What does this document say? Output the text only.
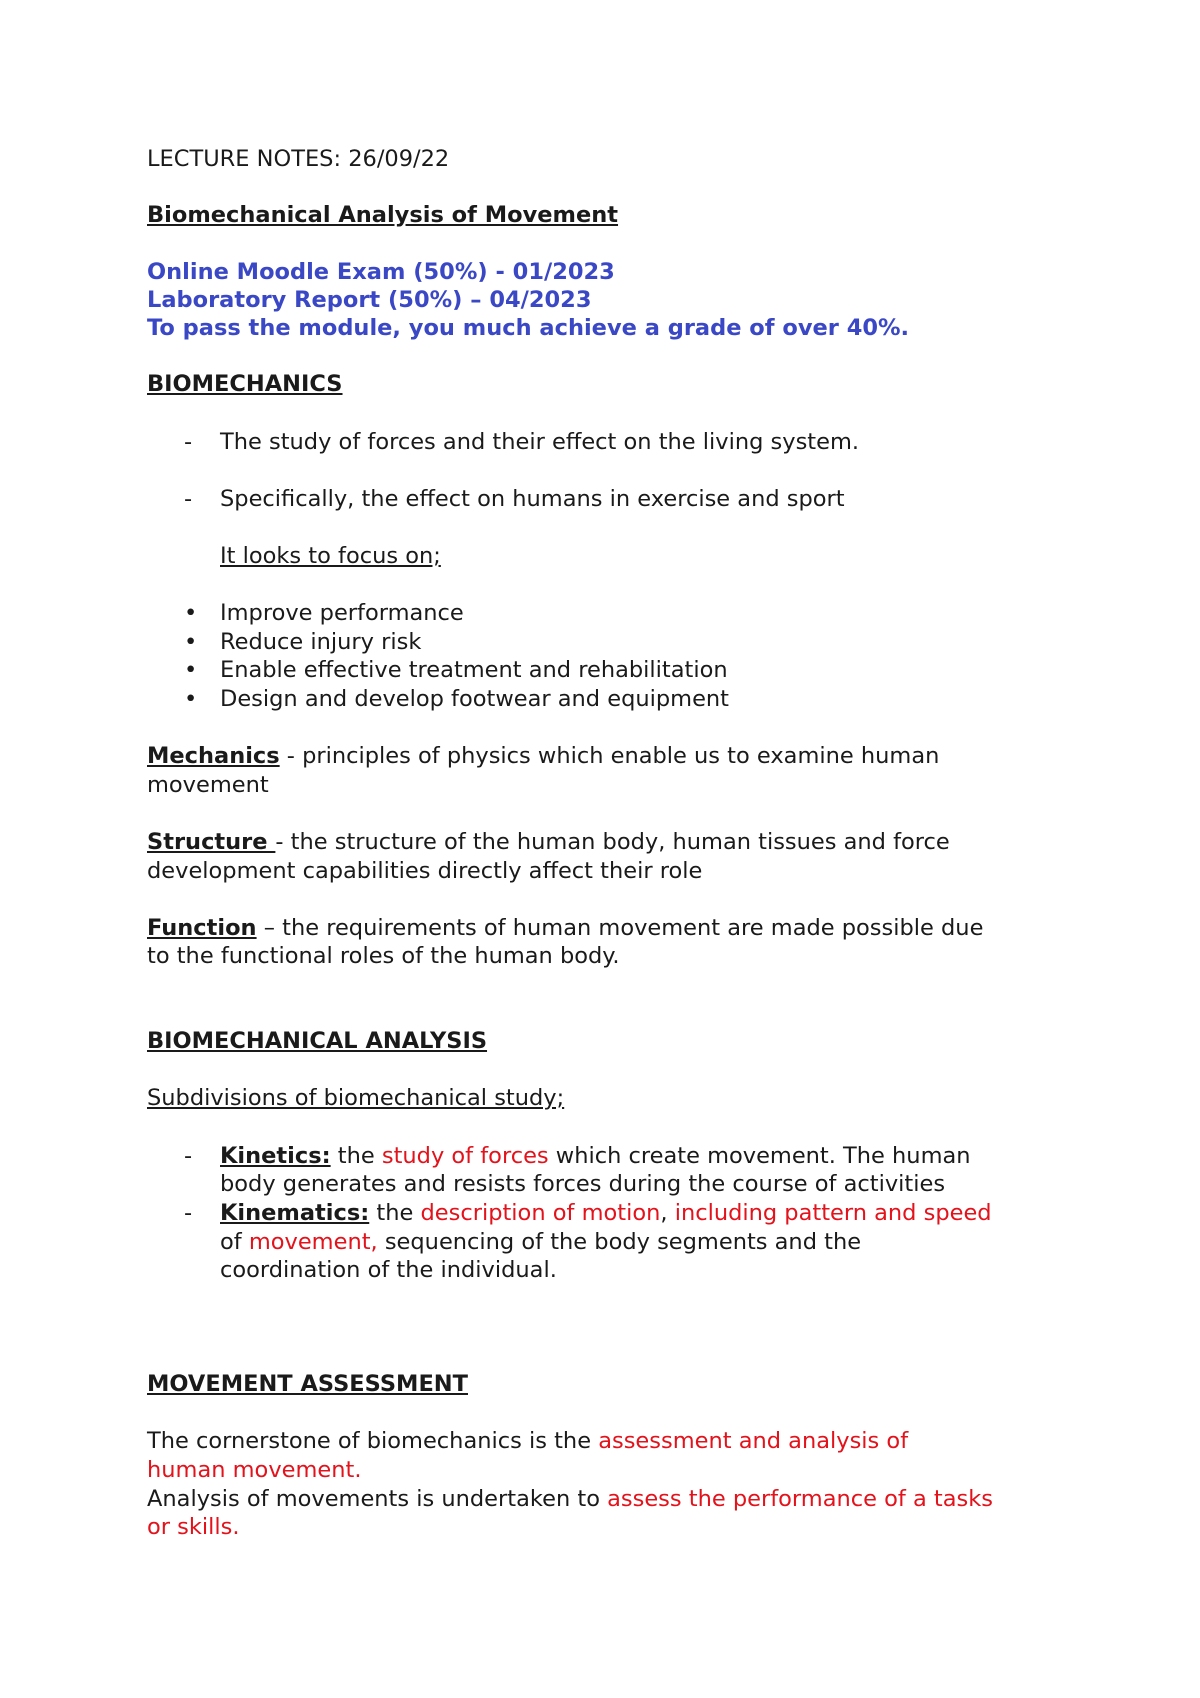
LECTURE NOTES: 26/09/22
Biomechanical Analysis of Movement
Online Moodle Exam (50%) - 01/2023
Laboratory Report (50%) – 04/2023
To pass the module, you much achieve a grade of over 40%.
BIOMECHANICS
- The study of forces and their effect on the living system.
- Specifically, the effect on humans in exercise and sport
It looks to focus on;
• Improve performance
• Reduce injury risk
• Enable effective treatment and rehabilitation
• Design and develop footwear and equipment
Mechanics - principles of physics which enable us to examine human
movement
Structure - the structure of the human body, human tissues and force
development capabilities directly affect their role
Function – the requirements of human movement are made possible due
to the functional roles of the human body.
BIOMECHANICAL ANALYSIS
Subdivisions of biomechanical study;
- Kinetics: the study of forces which create movement. The human
body generates and resists forces during the course of activities
- Kinematics: the description of motion, including pattern and speed
of movement, sequencing of the body segments and the
coordination of the individual.
MOVEMENT ASSESSMENT
The cornerstone of biomechanics is the assessment and analysis of
human movement.
Analysis of movements is undertaken to assess the performance of a tasks
or skills.
